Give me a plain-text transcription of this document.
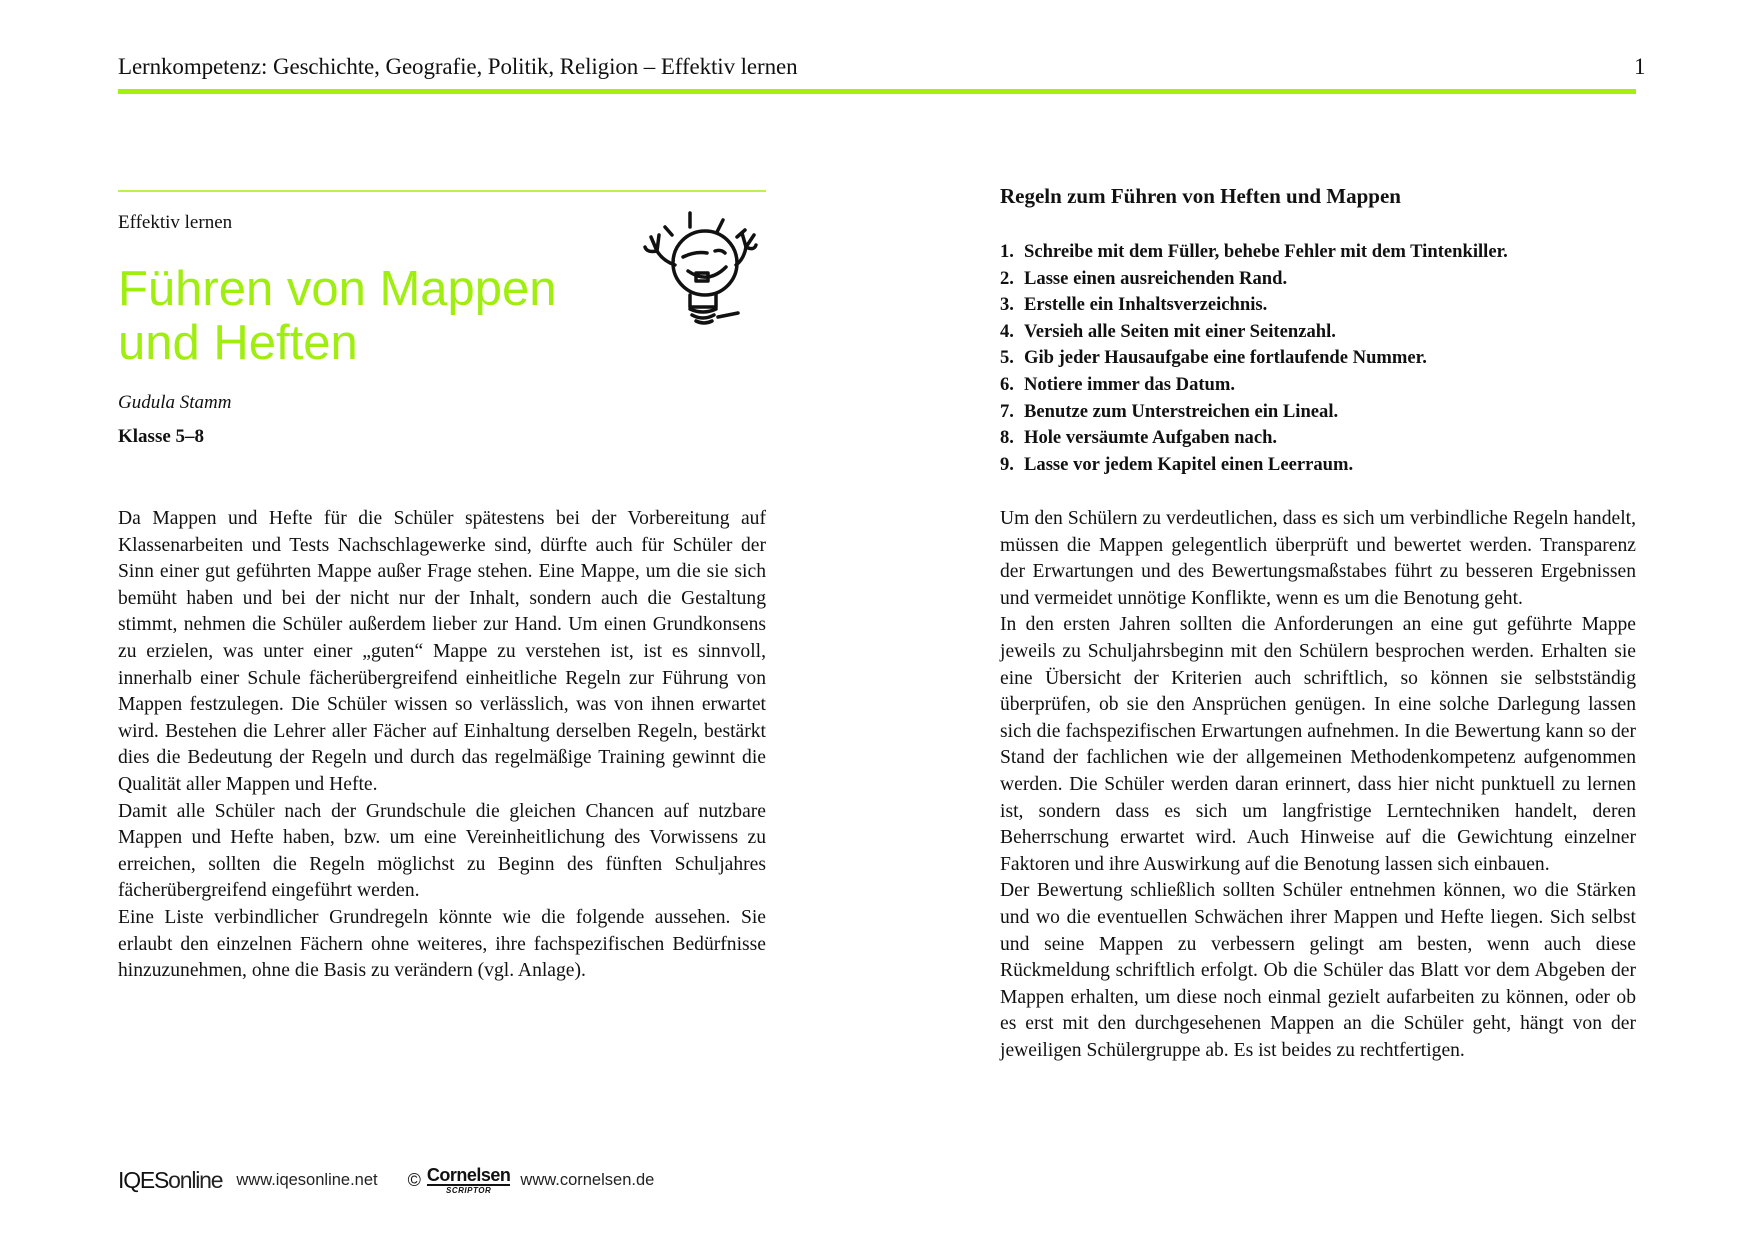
Lernkompetenz: Geschichte, Geografie, Politik, Religion – Effektiv lernen	1
Effektiv lernen
Führen von Mappen
und Heften
Gudula Stamm
Klasse 5–8

Da Mappen und Hefte für die Schüler spätestens bei der Vorbereitung auf Klassenarbeiten und Tests Nachschlagewerke sind, dürfte auch für Schüler der Sinn einer gut geführten Mappe außer Frage stehen. Eine Mappe, um die sie sich bemüht haben und bei der nicht nur der Inhalt, sondern auch die Gestaltung stimmt, nehmen die Schüler außerdem lieber zur Hand. Um einen Grundkonsens zu erzielen, was unter einer „guten“ Mappe zu verstehen ist, ist es sinnvoll, innerhalb einer Schule fächerübergreifend einheitliche Regeln zur Führung von Mappen festzulegen. Die Schüler wissen so verlässlich, was von ihnen erwartet wird. Bestehen die Lehrer aller Fächer auf Einhaltung derselben Regeln, bestärkt dies die Bedeutung der Regeln und durch das regelmäßige Training gewinnt die Qualität aller Mappen und Hefte.

Damit alle Schüler nach der Grundschule die gleichen Chancen auf nutzbare Mappen und Hefte haben, bzw. um eine Vereinheitlichung des Vorwissens zu erreichen, sollten die Regeln möglichst zu Beginn des fünften Schuljahres fächerübergreifend eingeführt werden.

Eine Liste verbindlicher Grundregeln könnte wie die folgende aussehen. Sie erlaubt den einzelnen Fächern ohne weiteres, ihre fachspezifischen Bedürfnisse hinzuzunehmen, ohne die Basis zu verändern (vgl. Anlage).

Regeln zum Führen von Heften und Mappen
1. Schreibe mit dem Füller, behebe Fehler mit dem Tintenkiller.
2. Lasse einen ausreichenden Rand.
3. Erstelle ein Inhaltsverzeichnis.
4. Versieh alle Seiten mit einer Seitenzahl.
5. Gib jeder Hausaufgabe eine fortlaufende Nummer.
6. Notiere immer das Datum.
7. Benutze zum Unterstreichen ein Lineal.
8. Hole versäumte Aufgaben nach.
9. Lasse vor jedem Kapitel einen Leerraum.

Um den Schülern zu verdeutlichen, dass es sich um verbindliche Regeln handelt, müssen die Mappen gelegentlich überprüft und bewertet werden. Transparenz der Erwartungen und des Bewertungsmaßstabes führt zu besseren Ergebnissen und vermeidet unnötige Konflikte, wenn es um die Benotung geht.

In den ersten Jahren sollten die Anforderungen an eine gut geführte Mappe jeweils zu Schuljahrsbeginn mit den Schülern besprochen werden. Erhalten sie eine Übersicht der Kriterien auch schriftlich, so können sie selbstständig überprüfen, ob sie den Ansprüchen genügen. In eine solche Darlegung lassen sich die fachspezifischen Erwartungen aufnehmen. In die Bewertung kann so der Stand der fachlichen wie der allgemeinen Methodenkompetenz aufgenommen werden. Die Schüler werden daran erinnert, dass hier nicht punktuell zu lernen ist, sondern dass es sich um langfristige Lerntechniken handelt, deren Beherrschung erwartet wird. Auch Hinweise auf die Gewichtung einzelner Faktoren und ihre Auswirkung auf die Benotung lassen sich einbauen.

Der Bewertung schließlich sollten Schüler entnehmen können, wo die Stärken und wo die eventuellen Schwächen ihrer Mappen und Hefte liegen. Sich selbst und seine Mappen zu verbessern gelingt am besten, wenn auch diese Rückmeldung schriftlich erfolgt. Ob die Schüler das Blatt vor dem Abgeben der Mappen erhalten, um diese noch einmal gezielt aufarbeiten zu können, oder ob es erst mit den durchgesehenen Mappen an die Schüler geht, hängt von der jeweiligen Schülergruppe ab. Es ist beides zu rechtfertigen.

IQESonline www.iqesonline.net © Cornelsen
SCRIPTOR
www.cornelsen.de
